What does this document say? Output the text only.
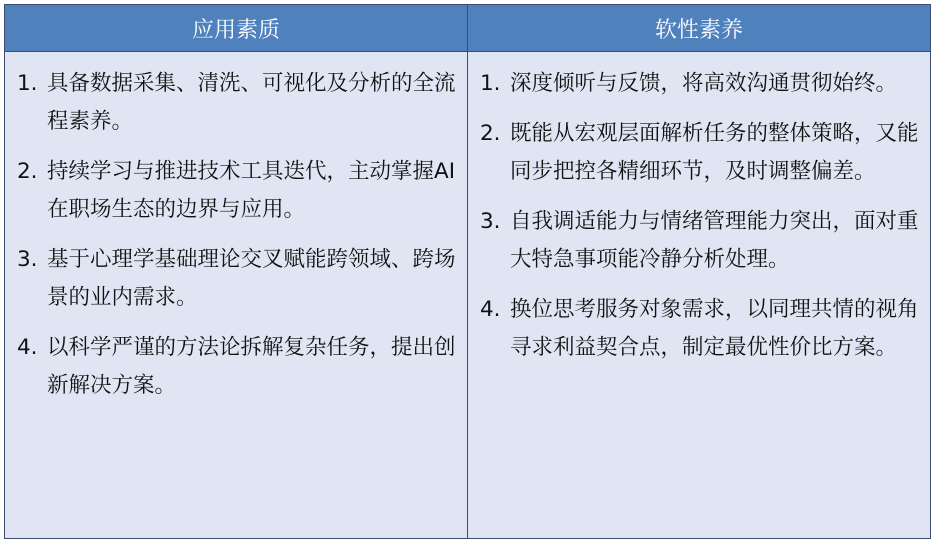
应用素质	软性素养
1. 具备数据采集、清洗、可视化及分析的全流程素养。
2. 持续学习与推进技术工具迭代，主动掌握AI在职场生态的边界与应用。
3. 基于心理学基础理论交叉赋能跨领域、跨场景的业内需求。
4. 以科学严谨的方法论拆解复杂任务，提出创新解决方案。
1. 深度倾听与反馈，将高效沟通贯彻始终。
2. 既能从宏观层面解析任务的整体策略，又能同步把控各精细环节，及时调整偏差。
3. 自我调适能力与情绪管理能力突出，面对重大特急事项能冷静分析处理。
4. 换位思考服务对象需求，以同理共情的视角寻求利益契合点，制定最优性价比方案。
